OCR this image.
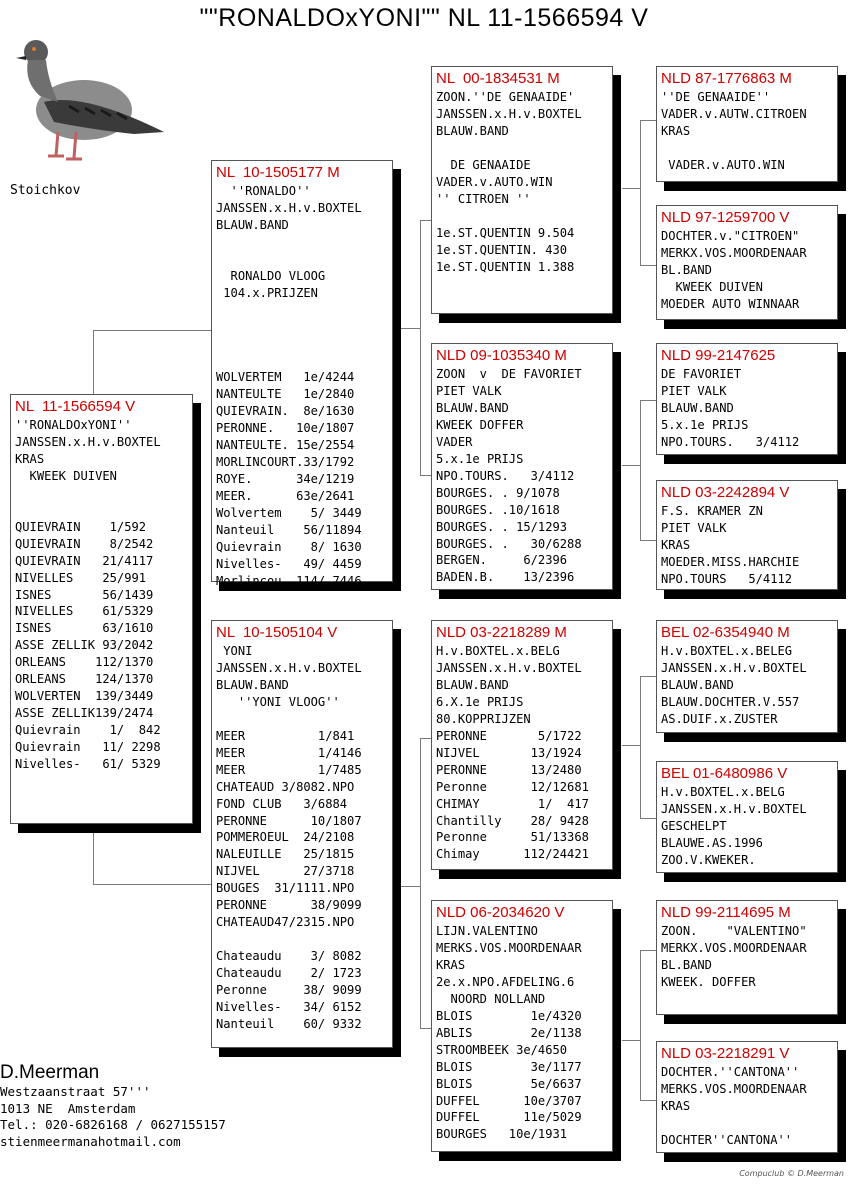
""RONALDOxYONI"" NL 11-1566594 V
Stoichkov
NL  11-1566594 V
''RONALDOxYONI''
JANSSEN.x.H.v.BOXTEL
KRAS
KWEEK DUIVEN

QUIEVRAIN    1/592
QUIEVRAIN    8/2542
QUIEVRAIN   21/4117
NIVELLES    25/991
ISNES       56/1439
NIVELLES    61/5329
ISNES       63/1610
ASSE ZELLIK 93/2042
ORLEANS    112/1370
ORLEANS    124/1370
WOLVERTEN  139/3449
ASSE ZELLIK139/2474
Quievrain    1/  842
Quievrain   11/ 2298
Nivelles-   61/ 5329
NL  10-1505177 M
''RONALDO''
JANSSEN.x.H.v.BOXTEL
BLAUW.BAND

RONALDO VLOOG
104.x.PRIJZEN

WOLVERTEM   1e/4244
NANTEULTE   1e/2840
QUIEVRAIN.  8e/1630
PERONNE.   10e/1807
NANTEULTE. 15e/2554
MORLINCOURT.33/1792
ROYE.      34e/1219
MEER.      63e/2641
Wolvertem    5/ 3449
Nanteuil    56/11894
Quievrain    8/ 1630
Nivelles-   49/ 4459
Morlincou  114/ 7446
NL  10-1505104 V
YONI
JANSSEN.x.H.v.BOXTEL
BLAUW.BAND
''YONI VLOOG''

MEER          1/841
MEER          1/4146
MEER          1/7485
CHATEAUD 3/8082.NPO
FOND CLUB   3/6884
PERONNE      10/1807
POMMEROEUL  24/2108
NALEUILLE   25/1815
NIJVEL      27/3718
BOUGES  31/1111.NPO
PERONNE      38/9099
CHATEAUD47/2315.NPO

Chateaudu    3/ 8082
Chateaudu    2/ 1723
Peronne     38/ 9099
Nivelles-   34/ 6152
Nanteuil    60/ 9332
NL  00-1834531 M
ZOON.''DE GENAAIDE'
JANSSEN.x.H.v.BOXTEL
BLAUW.BAND

DE GENAAIDE
VADER.v.AUTO.WIN
'' CITROEN ''

1e.ST.QUENTIN 9.504
1e.ST.QUENTIN. 430
1e.ST.QUENTIN 1.388
NLD 09-1035340 M
ZOON  v  DE FAVORIET
PIET VALK
BLAUW.BAND
KWEEK DOFFER
VADER
5.x.1e PRIJS
NPO.TOURS.   3/4112
BOURGES. . 9/1078
BOURGES. .10/1618
BOURGES. . 15/1293
BOURGES. .   30/6288
BERGEN.     6/2396
BADEN.B.    13/2396
NLD 03-2218289 M
H.v.BOXTEL.x.BELG
JANSSEN.x.H.v.BOXTEL
BLAUW.BAND
6.X.1e PRIJS
80.KOPPRIJZEN
PERONNE       5/1722
NIJVEL       13/1924
PERONNE      13/2480
Peronne      12/12681
CHIMAY        1/  417
Chantilly    28/ 9428
Peronne      51/13368
Chimay      112/24421
NLD 06-2034620 V
LIJN.VALENTINO
MERKS.VOS.MOORDENAAR
KRAS
2e.x.NPO.AFDELING.6
NOORD NOLLAND
BLOIS        1e/4320
ABLIS        2e/1138
STROOMBEEK 3e/4650
BLOIS        3e/1177
BLOIS        5e/6637
DUFFEL      10e/3707
DUFFEL      11e/5029
BOURGES   10e/1931
NLD 87-1776863 M
''DE GENAAIDE''
VADER.v.AUTW.CITROEN
KRAS

VADER.v.AUTO.WIN
NLD 97-1259700 V
DOCHTER.v."CITROEN"
MERKX.VOS.MOORDENAAR
BL.BAND
KWEEK DUIVEN
MOEDER AUTO WINNAAR
NLD 99-2147625
DE FAVORIET
PIET VALK
BLAUW.BAND
5.x.1e PRIJS
NPO.TOURS.   3/4112
NLD 03-2242894 V
F.S. KRAMER ZN
PIET VALK
KRAS
MOEDER.MISS.HARCHIE
NPO.TOURS   5/4112
BEL 02-6354940 M
H.v.BOXTEL.x.BELEG
JANSSEN.x.H.v.BOXTEL
BLAUW.BAND
BLAUW.DOCHTER.V.557
AS.DUIF.x.ZUSTER
BEL 01-6480986 V
H.v.BOXTEL.x.BELG
JANSSEN.x.H.v.BOXTEL
GESCHELPT
BLAUWE.AS.1996
ZOO.V.KWEKER.
NLD 99-2114695 M
ZOON.    "VALENTINO"
MERKX.VOS.MOORDENAAR
BL.BAND
KWEEK. DOFFER
NLD 03-2218291 V
DOCHTER.''CANTONA''
MERKS.VOS.MOORDENAAR
KRAS

DOCHTER''CANTONA''
D.Meerman
Westzaanstraat 57'''
1013 NE  Amsterdam
Tel.: 020-6826168 / 0627155157
stienmeermanahotmail.com
Compuclub © D.Meerman
